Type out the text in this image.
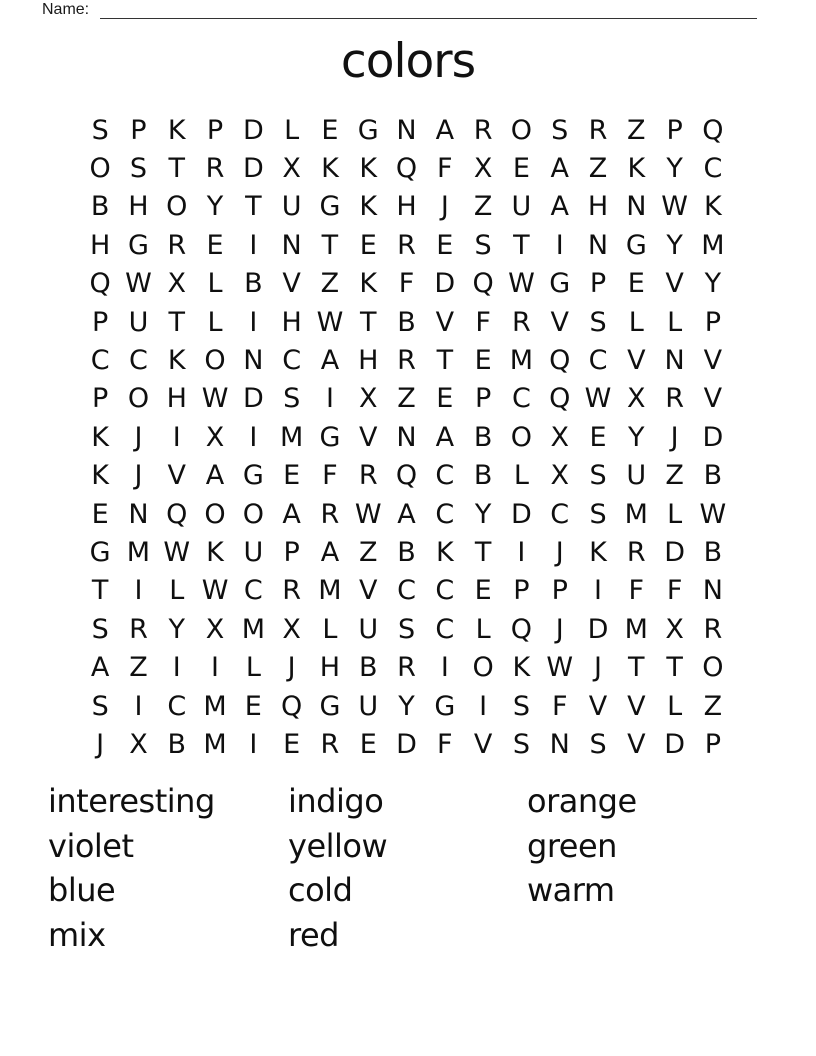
Name:
colors
S P K P D L E G N A R O S R Z P Q
O S T R D X K K Q F X E A Z K Y C
B H O Y T U G K H J Z U A H N W K
H G R E I N T E R E S T I N G Y M
Q W X L B V Z K F D Q W G P E V Y
P U T L I H W T B V F R V S L L P
C C K O N C A H R T E M Q C V N V
P O H W D S I X Z E P C Q W X R V
K J	I X I M G V N A B O X E Y J D
K J V A G E F R Q C B L X S U Z B
E N Q O O A R W A C Y D C S M L W
G M W K U P A Z B K T I	J K R D B
T I L W C R M V C C E P P I F F N
S R Y X M X L U S C L Q J D M X R
A Z I	I L J H B R I O K W J T T O
S I C M E Q G U Y G I S F V V L Z
J X B M I E R E D F V S N S V D P
interesting
violet
blue
mix
indigo
yellow
cold
red
orange
green
warm
